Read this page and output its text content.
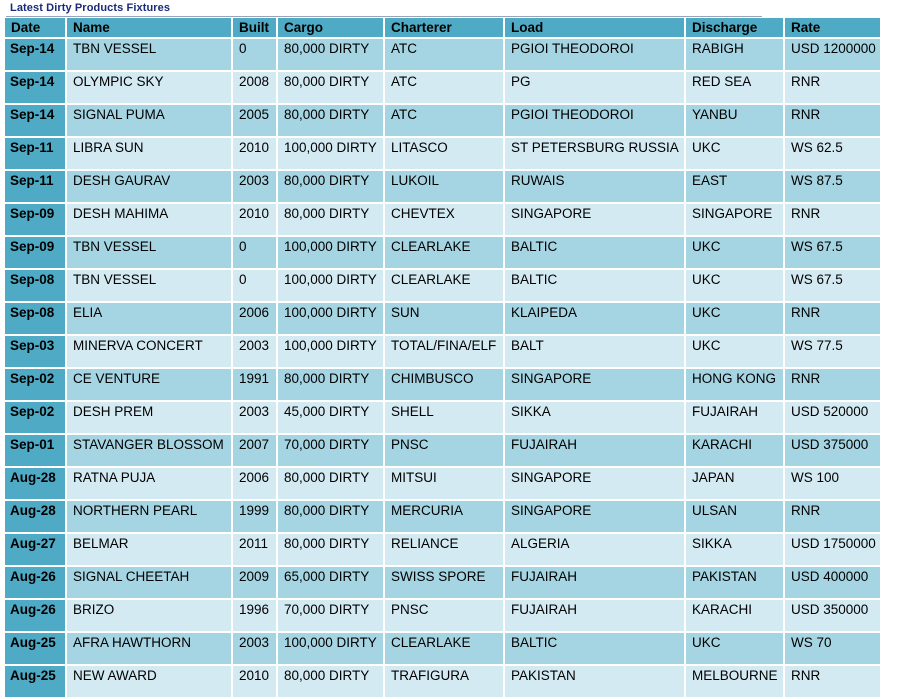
Latest Dirty Products Fixtures
Date	Name	Built	Cargo	Charterer	Load	Discharge	Rate
Sep-14	TBN VESSEL	0	80,000 DIRTY	ATC	PGIOI THEODOROI	RABIGH	USD 1200000
Sep-14	OLYMPIC SKY	2008	80,000 DIRTY	ATC	PG	RED SEA	RNR
Sep-14	SIGNAL PUMA	2005	80,000 DIRTY	ATC	PGIOI THEODOROI	YANBU	RNR
Sep-11	LIBRA SUN	2010	100,000 DIRTY	LITASCO	ST PETERSBURG RUSSIA	UKC	WS 62.5
Sep-11	DESH GAURAV	2003	80,000 DIRTY	LUKOIL	RUWAIS	EAST	WS 87.5
Sep-09	DESH MAHIMA	2010	80,000 DIRTY	CHEVTEX	SINGAPORE	SINGAPORE	RNR
Sep-09	TBN VESSEL	0	100,000 DIRTY	CLEARLAKE	BALTIC	UKC	WS 67.5
Sep-08	TBN VESSEL	0	100,000 DIRTY	CLEARLAKE	BALTIC	UKC	WS 67.5
Sep-08	ELIA	2006	100,000 DIRTY	SUN	KLAIPEDA	UKC	RNR
Sep-03	MINERVA CONCERT	2003	100,000 DIRTY	TOTAL/FINA/ELF	BALT	UKC	WS 77.5
Sep-02	CE VENTURE	1991	80,000 DIRTY	CHIMBUSCO	SINGAPORE	HONG KONG	RNR
Sep-02	DESH PREM	2003	45,000 DIRTY	SHELL	SIKKA	FUJAIRAH	USD 520000
Sep-01	STAVANGER BLOSSOM	2007	70,000 DIRTY	PNSC	FUJAIRAH	KARACHI	USD 375000
Aug-28	RATNA PUJA	2006	80,000 DIRTY	MITSUI	SINGAPORE	JAPAN	WS 100
Aug-28	NORTHERN PEARL	1999	80,000 DIRTY	MERCURIA	SINGAPORE	ULSAN	RNR
Aug-27	BELMAR	2011	80,000 DIRTY	RELIANCE	ALGERIA	SIKKA	USD 1750000
Aug-26	SIGNAL CHEETAH	2009	65,000 DIRTY	SWISS SPORE	FUJAIRAH	PAKISTAN	USD 400000
Aug-26	BRIZO	1996	70,000 DIRTY	PNSC	FUJAIRAH	KARACHI	USD 350000
Aug-25	AFRA HAWTHORN	2003	100,000 DIRTY	CLEARLAKE	BALTIC	UKC	WS 70
Aug-25	NEW AWARD	2010	80,000 DIRTY	TRAFIGURA	PAKISTAN	MELBOURNE	RNR
